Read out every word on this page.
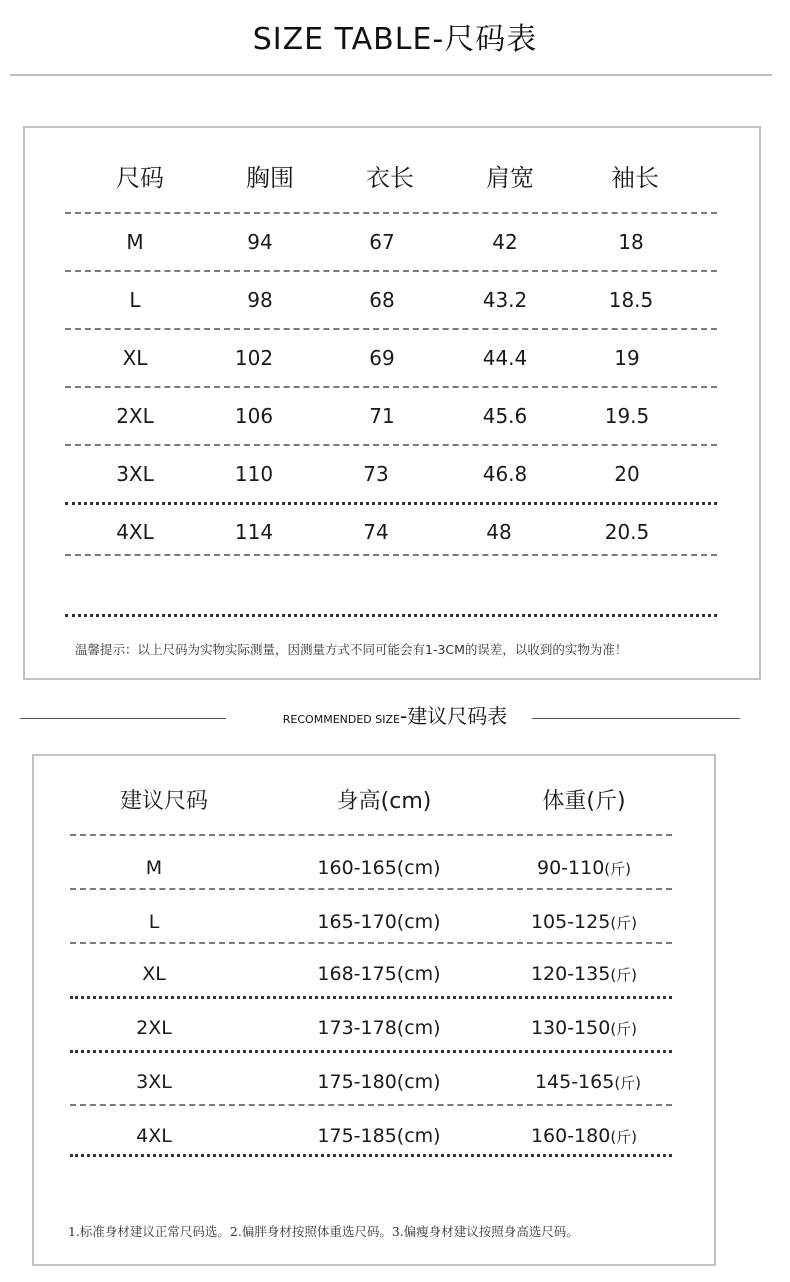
SIZE TABLE-尺码表
尺码	胸围	衣长	肩宽	袖长
M	94	67	42	18
L	98	68	43.2	18.5
XL	102	69	44.4	19
2XL	106	71	45.6	19.5
3XL	110	73	46.8	20
4XL	114	74	48	20.5
温馨提示：以上尺码为实物实际测量，因测量方式不同可能会有1-3CM的误差，以收到的实物为准！
RECOMMENDED SIZE-建议尺码表
建议尺码	身高(cm)	体重(斤)
M	160-165(cm)	90-110(斤)
L	165-170(cm)	105-125(斤)
XL	168-175(cm)	120-135(斤)
2XL	173-178(cm)	130-150(斤)
3XL	175-180(cm)	145-165(斤)
4XL	175-185(cm)	160-180(斤)
1.标准身材建议正常尺码选。2.偏胖身材按照体重选尺码。3.偏瘦身材建议按照身高选尺码。
